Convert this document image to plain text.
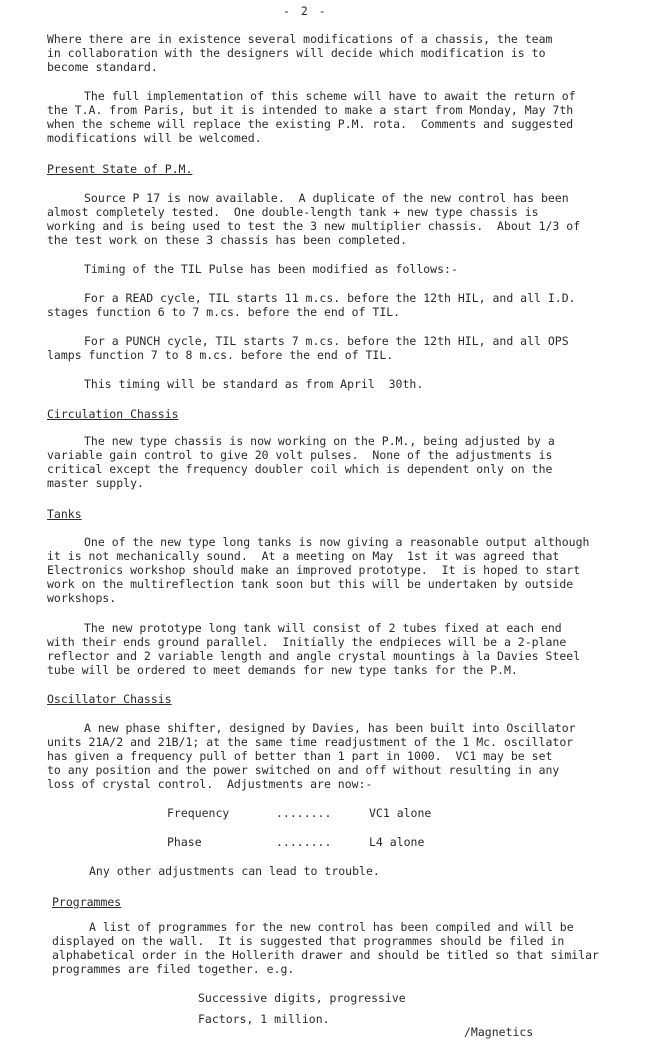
- 2 -
Where there are in existence several modifications of a chassis, the team
in collaboration with the designers will decide which modification is to
become standard.
The full implementation of this scheme will have to await the return of
the T.A. from Paris, but it is intended to make a start from Monday, May 7th
when the scheme will replace the existing P.M. rota.  Comments and suggested
modifications will be welcomed.
Present State of P.M.
Source P 17 is now available.  A duplicate of the new control has been
almost completely tested.  One double-length tank + new type chassis is
working and is being used to test the 3 new multiplier chassis.  About 1/3 of
the test work on these 3 chassis has been completed.
Timing of the TIL Pulse has been modified as follows:-
For a READ cycle, TIL starts 11 m.cs. before the 12th HIL, and all I.D.
stages function 6 to 7 m.cs. before the end of TIL.
For a PUNCH cycle, TIL starts 7 m.cs. before the 12th HIL, and all OPS
lamps function 7 to 8 m.cs. before the end of TIL.
This timing will be standard as from April  30th.
Circulation Chassis
The new type chassis is now working on the P.M., being adjusted by a
variable gain control to give 20 volt pulses.  None of the adjustments is
critical except the frequency doubler coil which is dependent only on the
master supply.
Tanks
One of the new type long tanks is now giving a reasonable output although
it is not mechanically sound.  At a meeting on May  1st it was agreed that
Electronics workshop should make an improved prototype.  It is hoped to start
work on the multireflection tank soon but this will be undertaken by outside
workshops.
The new prototype long tank will consist of 2 tubes fixed at each end
with their ends ground parallel.  Initially the endpieces will be a 2-plane
reflector and 2 variable length and angle crystal mountings à la Davies Steel
tube will be ordered to meet demands for new type tanks for the P.M.
Oscillator Chassis
A new phase shifter, designed by Davies, has been built into Oscillator
units 21A/2 and 21B/1; at the same time readjustment of the 1 Mc. oscillator
has given a frequency pull of better than 1 part in 1000.  VC1 may be set
to any position and the power switched on and off without resulting in any
loss of crystal control.  Adjustments are now:-
Frequency	........	VC1 alone
Phase	........	L4 alone
Any other adjustments can lead to trouble.
Programmes
A list of programmes for the new control has been compiled and will be
displayed on the wall.  It is suggested that programmes should be filed in
alphabetical order in the Hollerith drawer and should be titled so that similar
programmes are filed together. e.g.
Successive digits, progressive
Factors, 1 million.
/Magnetics
